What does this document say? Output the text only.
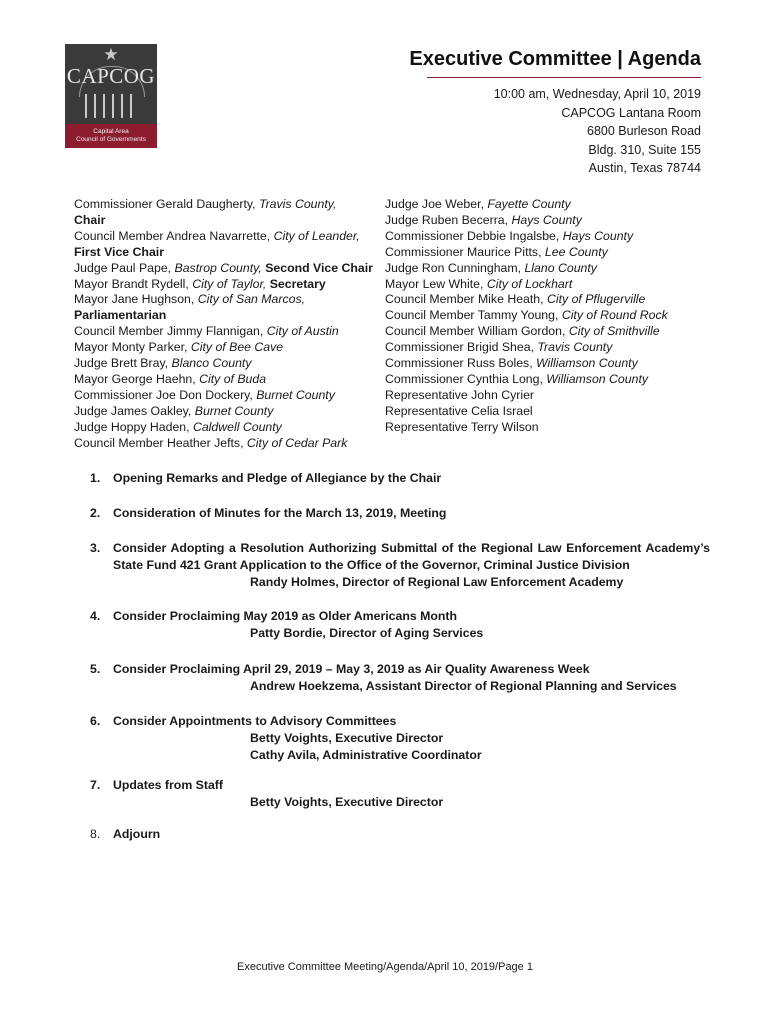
★
CAPCOG
Capital Area
Council of Governments
Executive Committee | Agenda
10:00 am, Wednesday, April 10, 2019
CAPCOG Lantana Room
6800 Burleson Road
Bldg. 310, Suite 155
Austin, Texas 78744
Commissioner Gerald Daugherty, Travis County,
Chair
Council Member Andrea Navarrette, City of Leander,
First Vice Chair
Judge Paul Pape, Bastrop County, Second Vice Chair
Mayor Brandt Rydell, City of Taylor, Secretary
Mayor Jane Hughson, City of San Marcos,
Parliamentarian
Council Member Jimmy Flannigan, City of Austin
Mayor Monty Parker, City of Bee Cave
Judge Brett Bray, Blanco County
Mayor George Haehn, City of Buda
Commissioner Joe Don Dockery, Burnet County
Judge James Oakley, Burnet County
Judge Hoppy Haden, Caldwell County
Council Member Heather Jefts, City of Cedar Park
Judge Joe Weber, Fayette County
Judge Ruben Becerra, Hays County
Commissioner Debbie Ingalsbe, Hays County
Commissioner Maurice Pitts, Lee County
Judge Ron Cunningham, Llano County
Mayor Lew White, City of Lockhart
Council Member Mike Heath, City of Pflugerville
Council Member Tammy Young, City of Round Rock
Council Member William Gordon, City of Smithville
Commissioner Brigid Shea, Travis County
Commissioner Russ Boles, Williamson County
Commissioner Cynthia Long, Williamson County
Representative John Cyrier
Representative Celia Israel
Representative Terry Wilson
1.	Opening Remarks and Pledge of Allegiance by the Chair
2.	Consideration of Minutes for the March 13, 2019, Meeting
3.	Consider Adopting a Resolution Authorizing Submittal of the Regional Law Enforcement Academy’s State Fund 421 Grant Application to the Office of the Governor, Criminal Justice Division
Randy Holmes, Director of Regional Law Enforcement Academy
4.	Consider Proclaiming May 2019 as Older Americans Month
Patty Bordie, Director of Aging Services
5.	Consider Proclaiming April 29, 2019 – May 3, 2019 as Air Quality Awareness Week
Andrew Hoekzema, Assistant Director of Regional Planning and Services
6.	Consider Appointments to Advisory Committees
Betty Voights, Executive Director
Cathy Avila, Administrative Coordinator
7.	Updates from Staff
Betty Voights, Executive Director
8.	Adjourn
Executive Committee Meeting/Agenda/April 10, 2019/Page 1
